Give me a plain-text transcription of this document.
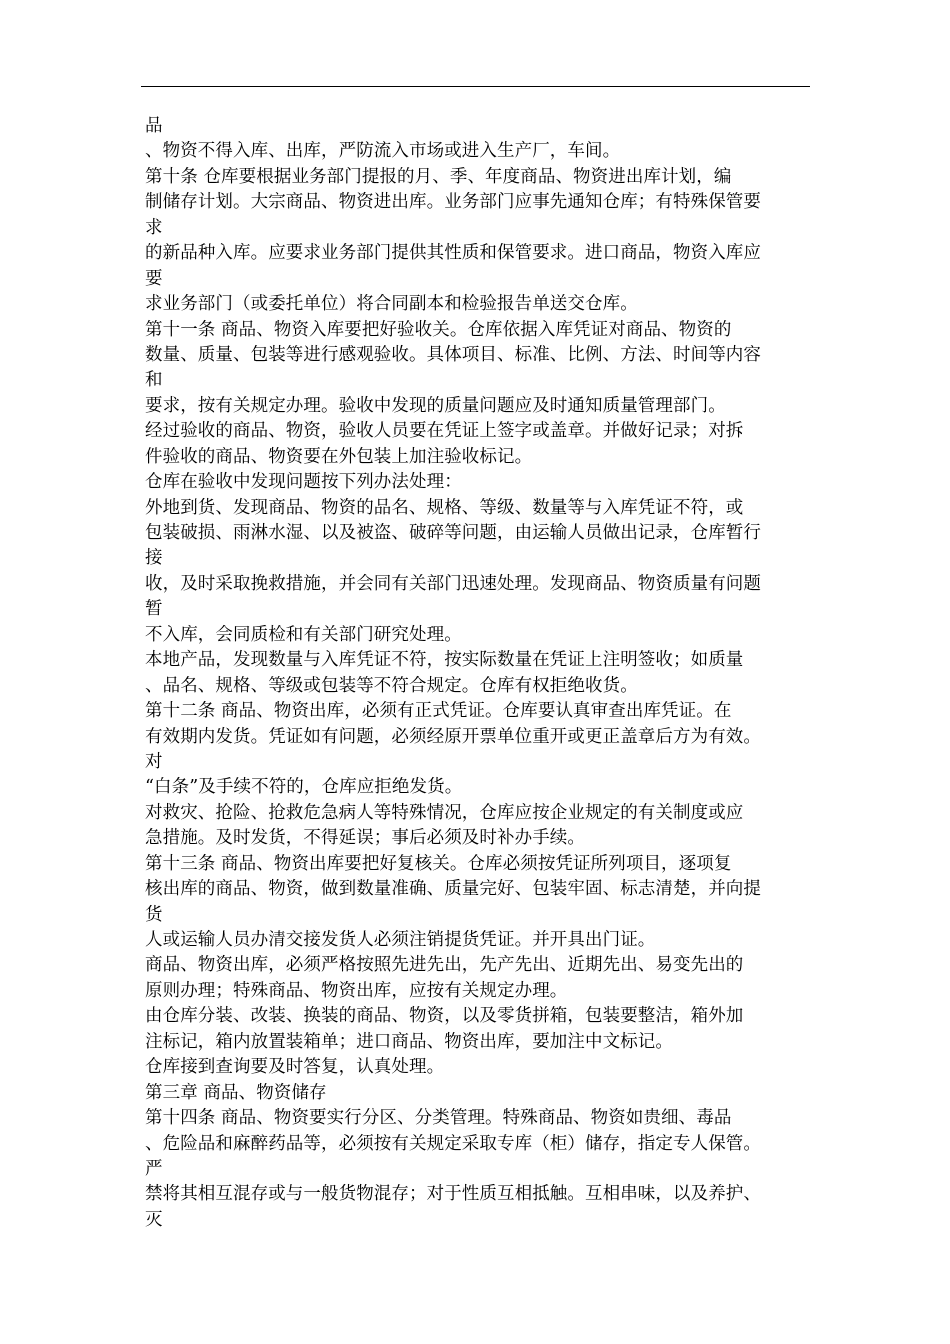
品
、物资不得入库、出库，严防流入市场或进入生产厂，车间。
第十条 仓库要根据业务部门提报的月、季、年度商品、物资进出库计划，编
制储存计划。大宗商品、物资进出库。业务部门应事先通知仓库；有特殊保管要
求
的新品种入库。应要求业务部门提供其性质和保管要求。进口商品，物资入库应
要
求业务部门（或委托单位）将合同副本和检验报告单送交仓库。
第十一条 商品、物资入库要把好验收关。仓库依据入库凭证对商品、物资的
数量、质量、包装等进行感观验收。具体项目、标准、比例、方法、时间等内容
和
要求，按有关规定办理。验收中发现的质量问题应及时通知质量管理部门。
经过验收的商品、物资，验收人员要在凭证上签字或盖章。并做好记录；对拆
件验收的商品、物资要在外包装上加注验收标记。
仓库在验收中发现问题按下列办法处理：
外地到货、发现商品、物资的品名、规格、等级、数量等与入库凭证不符，或
包装破损、雨淋水湿、以及被盗、破碎等问题，由运输人员做出记录，仓库暂行
接
收，及时采取挽救措施，并会同有关部门迅速处理。发现商品、物资质量有问题
暂
不入库，会同质检和有关部门研究处理。
本地产品，发现数量与入库凭证不符，按实际数量在凭证上注明签收；如质量
、品名、规格、等级或包装等不符合规定。仓库有权拒绝收货。
第十二条 商品、物资出库，必须有正式凭证。仓库要认真审查出库凭证。在
有效期内发货。凭证如有问题，必须经原开票单位重开或更正盖章后方为有效。
对
“白条”及手续不符的，仓库应拒绝发货。
对救灾、抢险、抢救危急病人等特殊情况，仓库应按企业规定的有关制度或应
急措施。及时发货，不得延误；事后必须及时补办手续。
第十三条 商品、物资出库要把好复核关。仓库必须按凭证所列项目，逐项复
核出库的商品、物资，做到数量准确、质量完好、包装牢固、标志清楚，并向提
货
人或运输人员办清交接发货人必须注销提货凭证。并开具出门证。
商品、物资出库，必须严格按照先进先出，先产先出、近期先出、易变先出的
原则办理；特殊商品、物资出库，应按有关规定办理。
由仓库分装、改装、换装的商品、物资，以及零货拼箱，包装要整洁，箱外加
注标记，箱内放置装箱单；进口商品、物资出库，要加注中文标记。
仓库接到查询要及时答复，认真处理。
第三章 商品、物资储存
第十四条 商品、物资要实行分区、分类管理。特殊商品、物资如贵细、毒品
、危险品和麻醉药品等，必须按有关规定采取专库（柜）储存，指定专人保管。
严
禁将其相互混存或与一般货物混存；对于性质互相抵触。互相串味，以及养护、
灭
